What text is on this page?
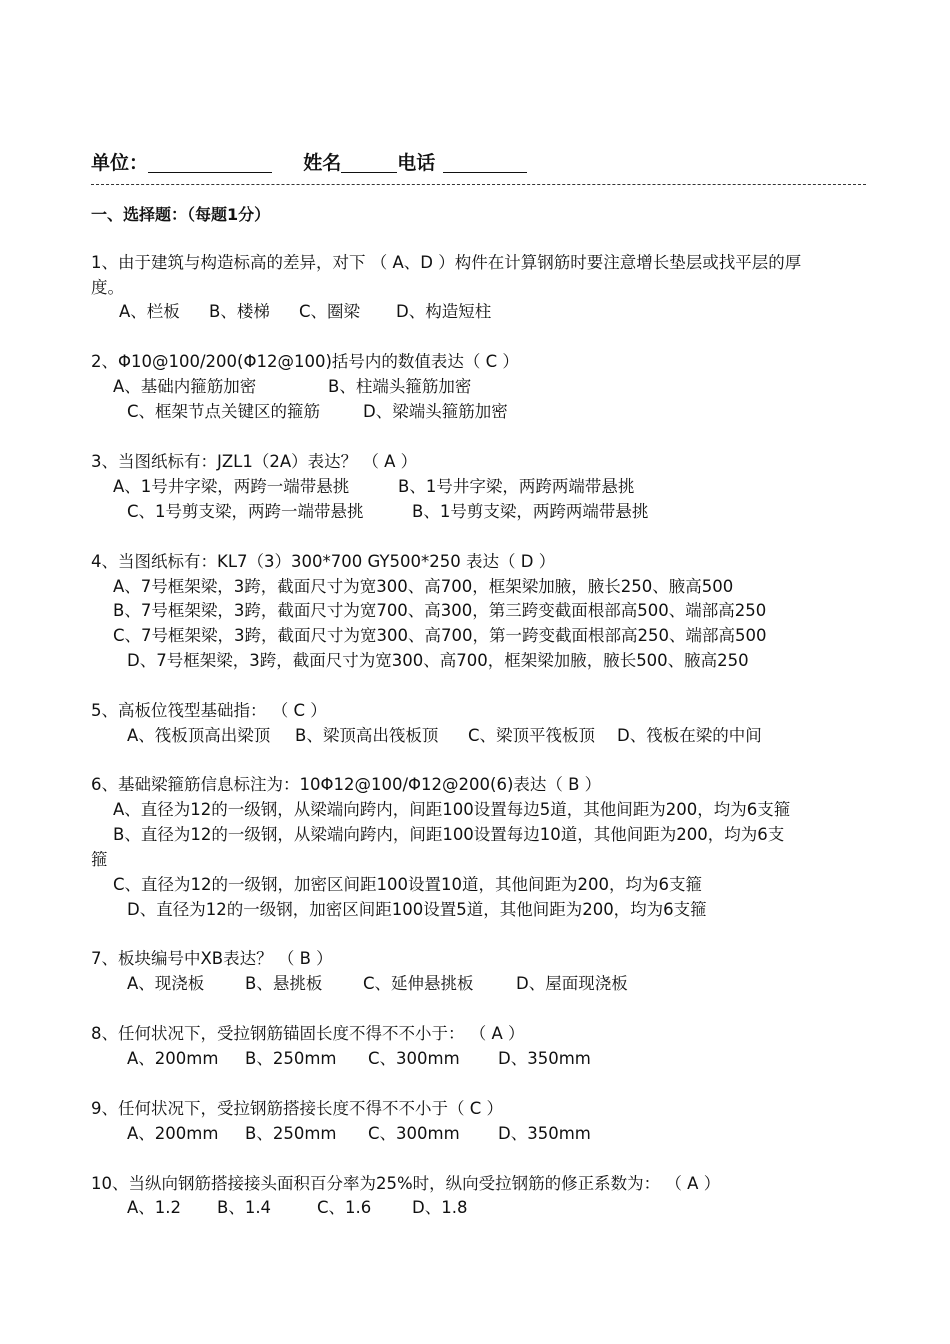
单位：	姓名	电话
一、选择题：（每题1分）
1、由于建筑与构造标高的差异，对下 （ A、D ）构件在计算钢筋时要注意增长垫层或找平层的厚
度。
A、栏板 B、楼梯 C、圈梁 D、构造短柱
2、Φ10@100/200(Φ12@100)括号内的数值表达（ C ）
A、基础内箍筋加密	B、柱端头箍筋加密
C、框架节点关键区的箍筋	D、梁端头箍筋加密
3、当图纸标有：JZL1（2A）表达？ （ A ）
A、1号井字梁，两跨一端带悬挑	B、1号井字梁，两跨两端带悬挑
C、1号剪支梁，两跨一端带悬挑	B、1号剪支梁，两跨两端带悬挑
4、当图纸标有：KL7（3）300*700 GY500*250 表达（ D ）
A、7号框架梁，3跨，截面尺寸为宽300、高700，框架梁加腋，腋长250、腋高500
B、7号框架梁，3跨，截面尺寸为宽700、高300，第三跨变截面根部高500、端部高250
C、7号框架梁，3跨，截面尺寸为宽300、高700，第一跨变截面根部高250、端部高500
D、7号框架梁，3跨，截面尺寸为宽300、高700，框架梁加腋，腋长500、腋高250
5、高板位筏型基础指： （ C ）
A、筏板顶高出梁顶 B、梁顶高出筏板顶 C、梁顶平筏板顶 D、筏板在梁的中间
6、基础梁箍筋信息标注为：10Φ12@100/Φ12@200(6)表达（ B ）
A、直径为12的一级钢，从梁端向跨内，间距100设置每边5道，其他间距为200，均为6支箍
B、直径为12的一级钢，从梁端向跨内，间距100设置每边10道，其他间距为200，均为6支
箍
C、直径为12的一级钢，加密区间距100设置10道，其他间距为200，均为6支箍
D、直径为12的一级钢，加密区间距100设置5道，其他间距为200，均为6支箍
7、板块编号中XB表达？ （ B ）
A、现浇板 B、悬挑板 C、延伸悬挑板	D、屋面现浇板
8、任何状况下，受拉钢筋锚固长度不得不不小于： （ A ）
A、200mm B、250mm C、300mm D、350mm
9、任何状况下，受拉钢筋搭接长度不得不不小于（ C ）
A、200mm B、250mm C、300mm D、350mm
10、当纵向钢筋搭接接头面积百分率为25%时，纵向受拉钢筋的修正系数为： （ A ）
A、1.2 B、1.4	C、1.6 D、1.8
